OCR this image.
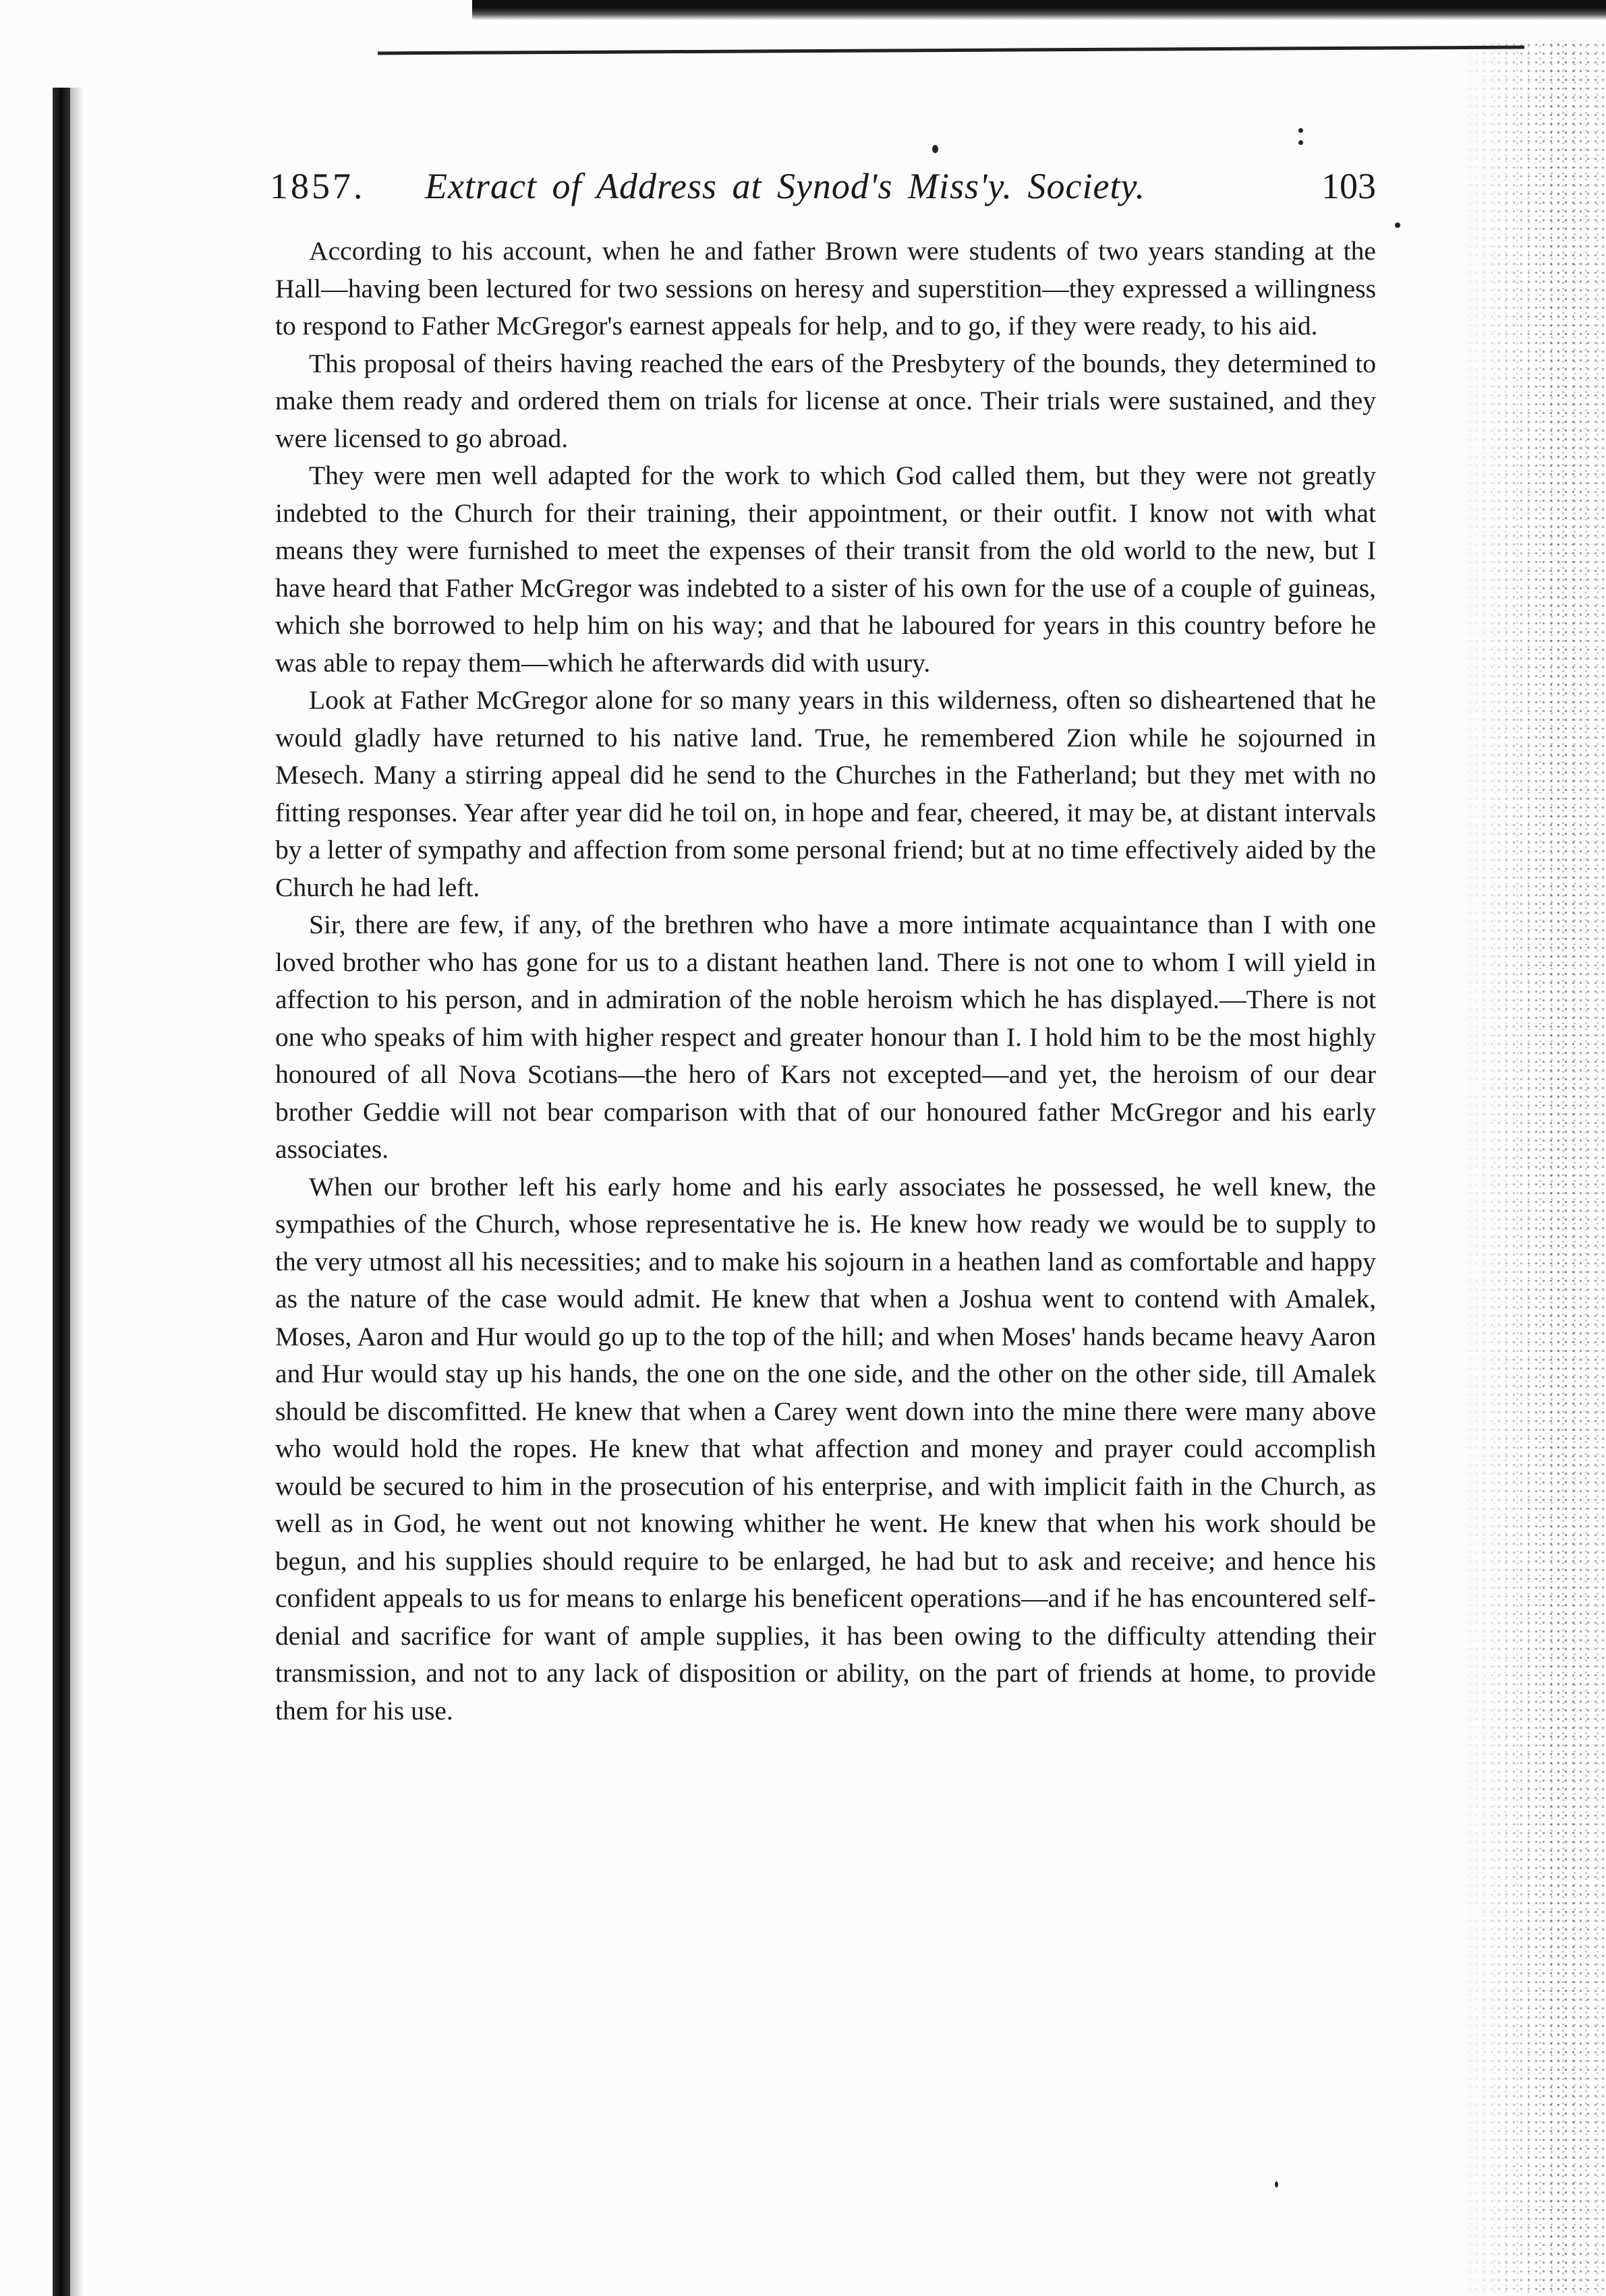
1857. Extract of Address at Synod's Miss'y. Society.	103

According to his account, when he and father Brown were students of two years standing at the Hall—having been lectured for two sessions on heresy and superstition—they expressed a willingness to respond to Father McGregor's earnest appeals for help, and to go, if they were ready, to his aid.

This proposal of theirs having reached the ears of the Presbytery of the bounds, they determined to make them ready and ordered them on trials for license at once. Their trials were sustained, and they were licensed to go abroad.

They were men well adapted for the work to which God called them, but they were not greatly indebted to the Church for their training, their appointment, or their outfit. I know not with what means they were furnished to meet the expenses of their transit from the old world to the new, but I have heard that Father McGregor was indebted to a sister of his own for the use of a couple of guineas, which she borrowed to help him on his way; and that he laboured for years in this country before he was able to repay them—which he afterwards did with usury.

Look at Father McGregor alone for so many years in this wilderness, often so disheartened that he would gladly have returned to his native land. True, he remembered Zion while he sojourned in Mesech. Many a stirring appeal did he send to the Churches in the Fatherland; but they met with no fitting responses. Year after year did he toil on, in hope and fear, cheered, it may be, at distant intervals by a letter of sympathy and affection from some personal friend; but at no time effectively aided by the Church he had left.

Sir, there are few, if any, of the brethren who have a more intimate acquaintance than I with one loved brother who has gone for us to a distant heathen land. There is not one to whom I will yield in affection to his person, and in admiration of the noble heroism which he has displayed.—There is not one who speaks of him with higher respect and greater honour than I. I hold him to be the most highly honoured of all Nova Scotians—the hero of Kars not excepted—and yet, the heroism of our dear brother Geddie will not bear comparison with that of our honoured father McGregor and his early associates.

When our brother left his early home and his early associates he possessed, he well knew, the sympathies of the Church, whose representative he is. He knew how ready we would be to supply to the very utmost all his necessities; and to make his sojourn in a heathen land as comfortable and happy as the nature of the case would admit. He knew that when a Joshua went to contend with Amalek, Moses, Aaron and Hur would go up to the top of the hill; and when Moses' hands became heavy Aaron and Hur would stay up his hands, the one on the one side, and the other on the other side, till Amalek should be discomfitted. He knew that when a Carey went down into the mine there were many above who would hold the ropes. He knew that what affection and money and prayer could accomplish would be secured to him in the prosecution of his enterprise, and with implicit faith in the Church, as well as in God, he went out not knowing whither he went. He knew that when his work should be begun, and his supplies should require to be enlarged, he had but to ask and receive; and hence his confident appeals to us for means to enlarge his beneficent operations—and if he has encountered self-denial and sacrifice for want of ample supplies, it has been owing to the difficulty attending their transmission, and not to any lack of disposition or ability, on the part of friends at home, to provide them for his use.
